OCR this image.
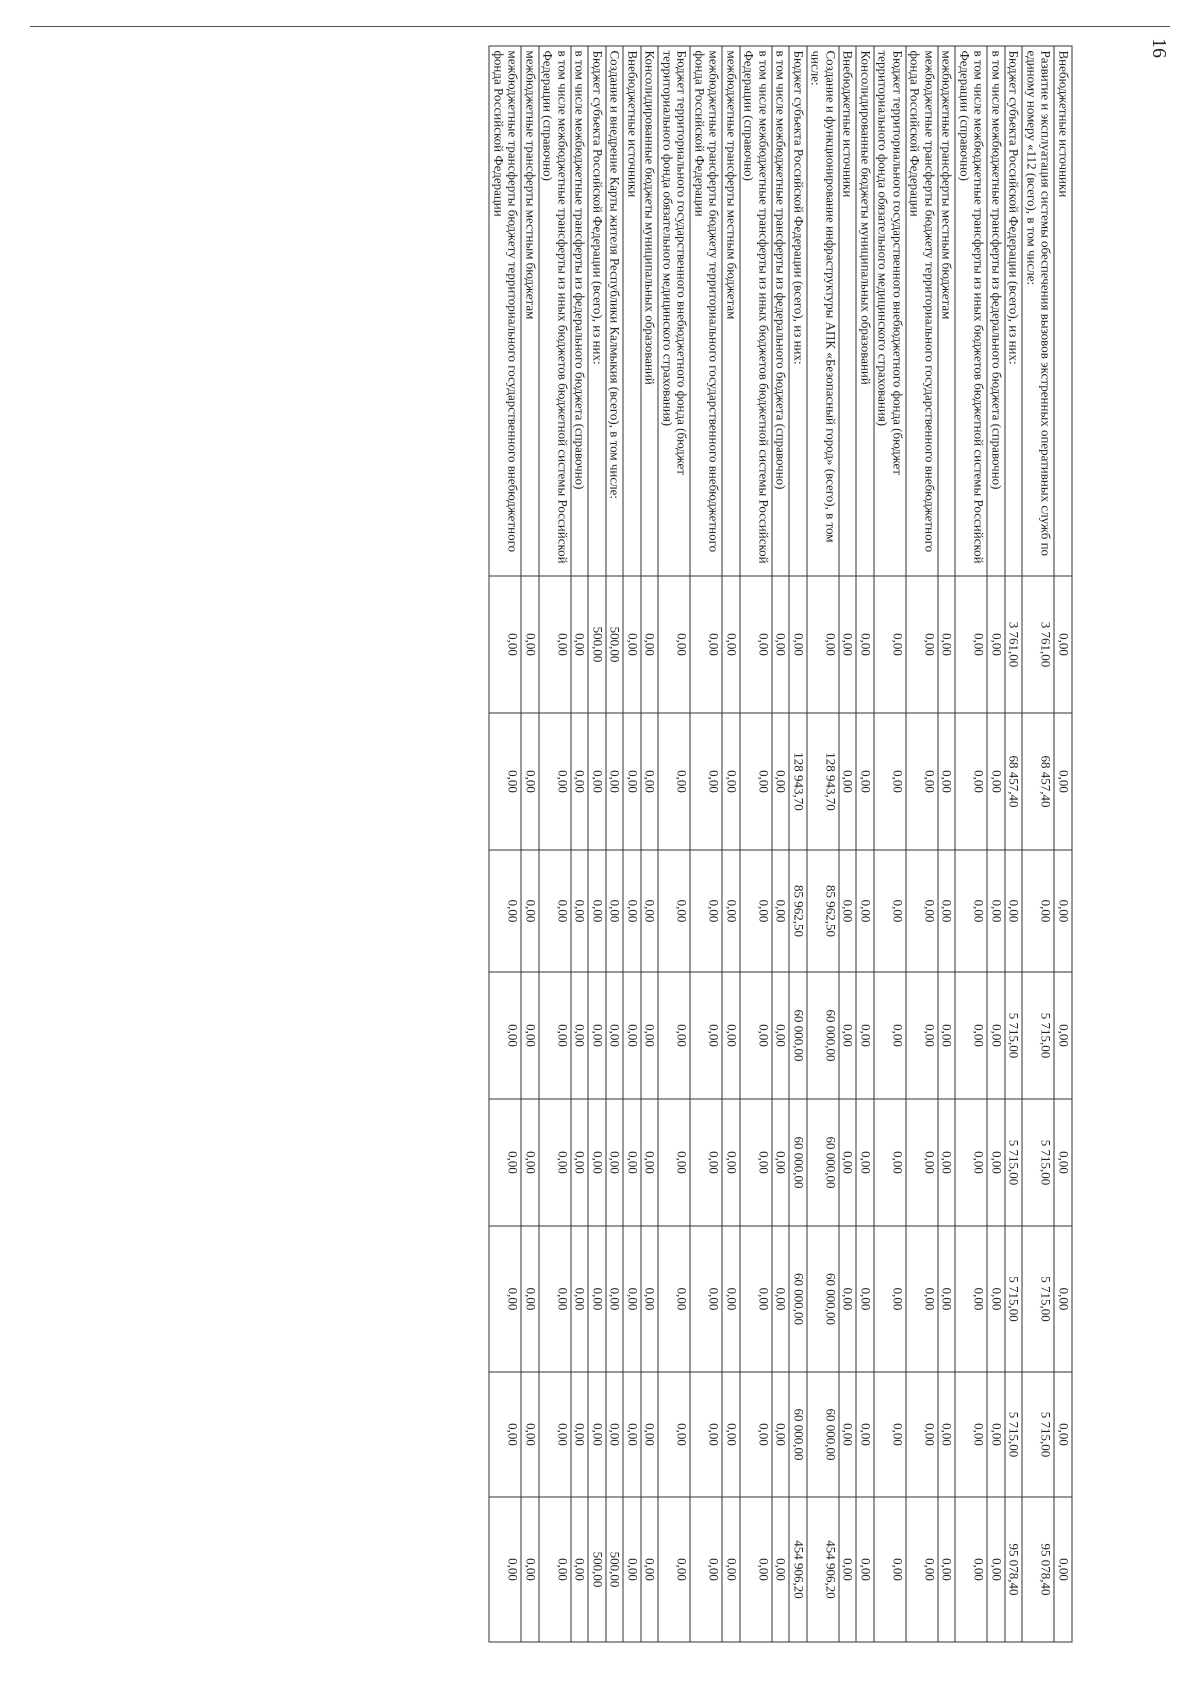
16
Внебюджетные источники	0,00	0,00	0,00	0,00	0,00	0,00	0,00	0,00
Развитие и эксплуатация системы обеспечения вызовов экстренных оперативных служб по единому номеру «112 (всего), в том числе:	3 761,00	68 457,40	0,00	5 715,00	5 715,00	5 715,00	5 715,00	95 078,40
Бюджет субъекта Российской Федерации (всего), из них:	3 761,00	68 457,40	0,00	5 715,00	5 715,00	5 715,00	5 715,00	95 078,40
в том числе межбюджетные трансферты из федерального бюджета (справочно)	0,00	0,00	0,00	0,00	0,00	0,00	0,00	0,00
в том числе межбюджетные трансферты из иных бюджетов бюджетной системы Российской Федерации (справочно)	0,00	0,00	0,00	0,00	0,00	0,00	0,00	0,00
межбюджетные трансферты местным бюджетам	0,00	0,00	0,00	0,00	0,00	0,00	0,00	0,00
межбюджетные трансферты бюджету территориального государственного внебюджетного фонда Российской Федерации	0,00	0,00	0,00	0,00	0,00	0,00	0,00	0,00
Бюджет территориального государственного внебюджетного фонда (бюджет территориального фонда обязательного медицинского страхования)	0,00	0,00	0,00	0,00	0,00	0,00	0,00	0,00
Консолидированные бюджеты муниципальных образований	0,00	0,00	0,00	0,00	0,00	0,00	0,00	0,00
Внебюджетные источники	0,00	0,00	0,00	0,00	0,00	0,00	0,00	0,00
Создание и функционирование инфраструктуры АПК «Безопасный город» (всего), в том числе:	0,00	128 943,70	85 962,50	60 000,00	60 000,00	60 000,00	60 000,00	454 906,20
Бюджет субъекта Российской Федерации (всего), из них:	0,00	128 943,70	85 962,50	60 000,00	60 000,00	60 000,00	60 000,00	454 906,20
в том числе межбюджетные трансферты из федерального бюджета (справочно)	0,00	0,00	0,00	0,00	0,00	0,00	0,00	0,00
в том числе межбюджетные трансферты из иных бюджетов бюджетной системы Российской Федерации (справочно)	0,00	0,00	0,00	0,00	0,00	0,00	0,00	0,00
межбюджетные трансферты местным бюджетам	0,00	0,00	0,00	0,00	0,00	0,00	0,00	0,00
межбюджетные трансферты бюджету территориального государственного внебюджетного фонда Российской Федерации	0,00	0,00	0,00	0,00	0,00	0,00	0,00	0,00
Бюджет территориального государственного внебюджетного фонда (бюджет территориального фонда обязательного медицинского страхования)	0,00	0,00	0,00	0,00	0,00	0,00	0,00	0,00
Консолидированные бюджеты муниципальных образований	0,00	0,00	0,00	0,00	0,00	0,00	0,00	0,00
Внебюджетные источники	0,00	0,00	0,00	0,00	0,00	0,00	0,00	0,00
Создание и внедрение Карты жителя Республики Калмыкия (всего), в том числе:	500,00	0,00	0,00	0,00	0,00	0,00	0,00	500,00
Бюджет субъекта Российской Федерации (всего), из них:	500,00	0,00	0,00	0,00	0,00	0,00	0,00	500,00
в том числе межбюджетные трансферты из федерального бюджета (справочно)	0,00	0,00	0,00	0,00	0,00	0,00	0,00	0,00
в том числе межбюджетные трансферты из иных бюджетов бюджетной системы Российской Федерации (справочно)	0,00	0,00	0,00	0,00	0,00	0,00	0,00	0,00
межбюджетные трансферты местным бюджетам	0,00	0,00	0,00	0,00	0,00	0,00	0,00	0,00
межбюджетные трансферты бюджету территориального государственного внебюджетного фонда Российской Федерации	0,00	0,00	0,00	0,00	0,00	0,00	0,00	0,00
